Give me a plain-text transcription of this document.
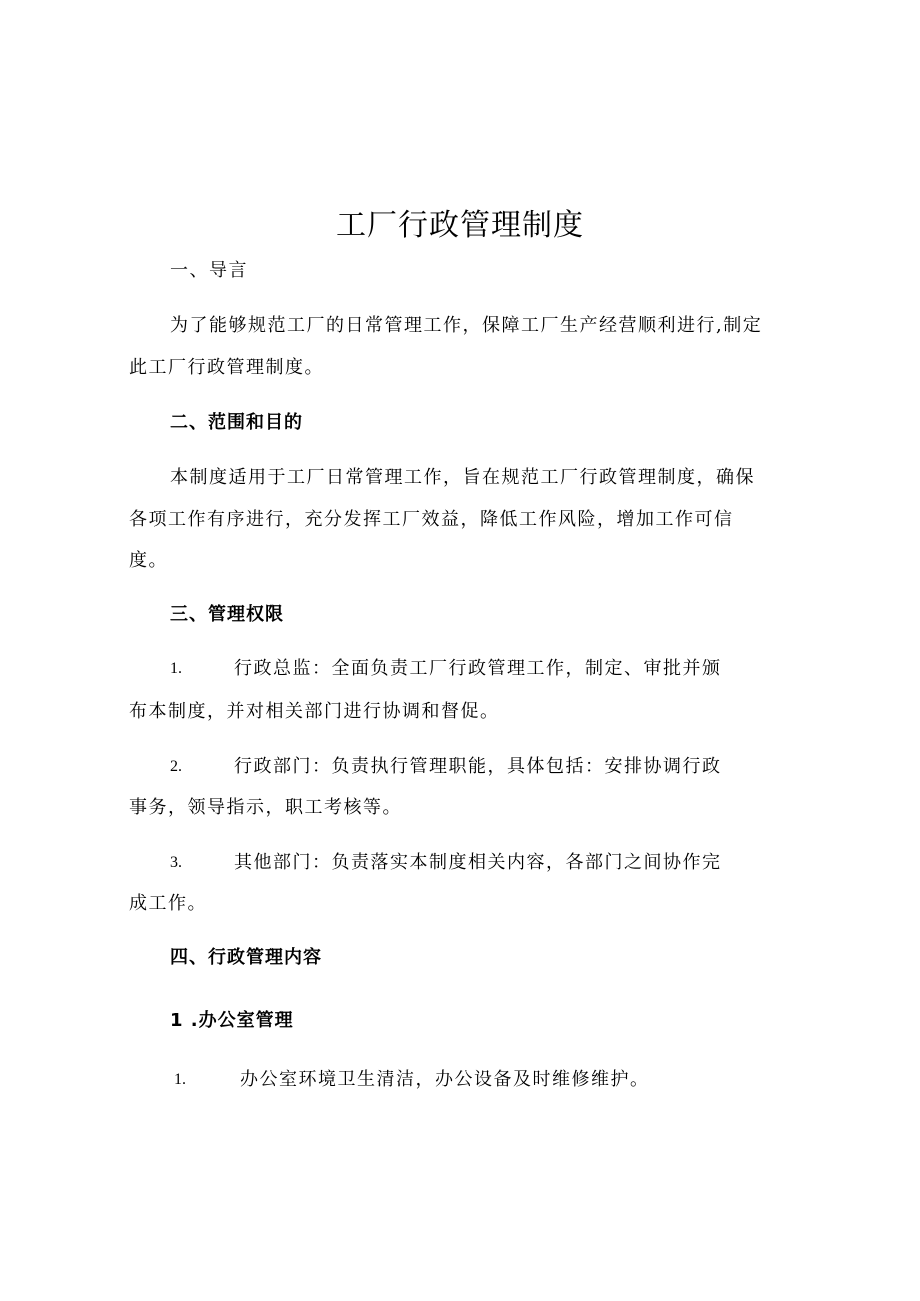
工厂行政管理制度
一、导言
为了能够规范工厂的日常管理工作，保障工厂生产经营顺利进行,制定
此工厂行政管理制度。
二、范围和目的
本制度适用于工厂日常管理工作，旨在规范工厂行政管理制度，确保
各项工作有序进行，充分发挥工厂效益，降低工作风险，增加工作可信
度。
三、管理权限
1.	行政总监：全面负责工厂行政管理工作，制定、审批并颁
布本制度，并对相关部门进行协调和督促。
2.	行政部门：负责执行管理职能，具体包括：安排协调行政
事务，领导指示，职工考核等。
3.	其他部门：负责落实本制度相关内容，各部门之间协作完
成工作。
四、行政管理内容
1 .办公室管理
1.	办公室环境卫生清洁，办公设备及时维修维护。
